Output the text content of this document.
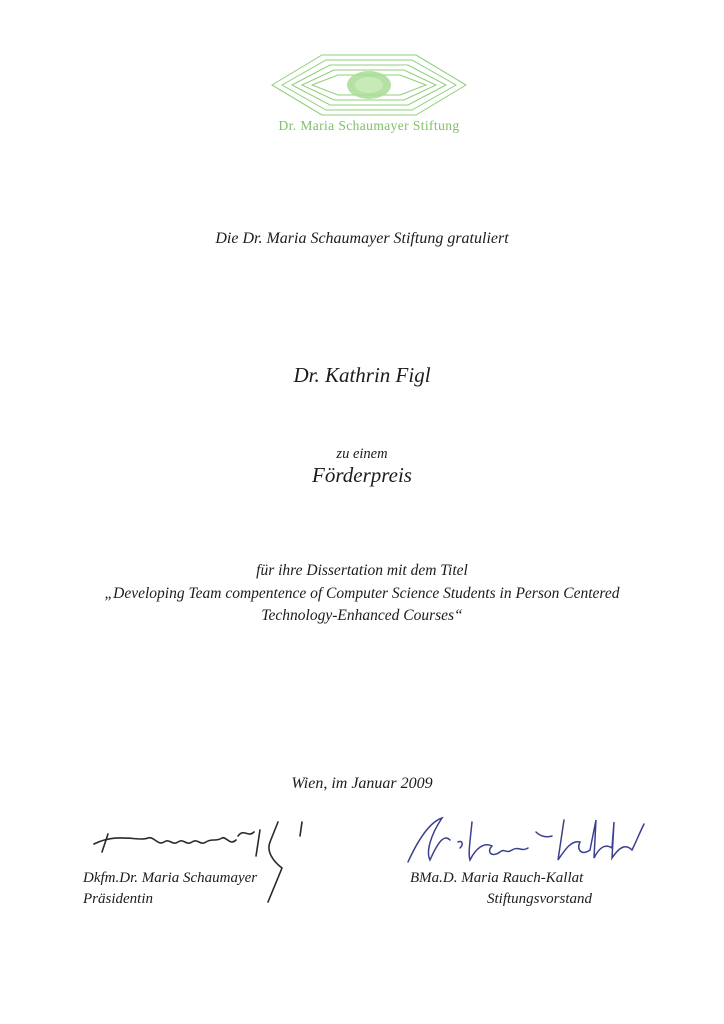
Dr. Maria Schaumayer Stiftung
Die Dr. Maria Schaumayer Stiftung gratuliert
Dr. Kathrin Figl
zu einem
Förderpreis
für ihre Dissertation mit dem Titel
„Developing Team compentence of Computer Science Students in Person Centered
Technology-Enhanced Courses“
Wien, im Januar 2009
Dkfm.Dr. Maria Schaumayer
Präsidentin
BMa.D. Maria Rauch-Kallat
Stiftungsvorstand
